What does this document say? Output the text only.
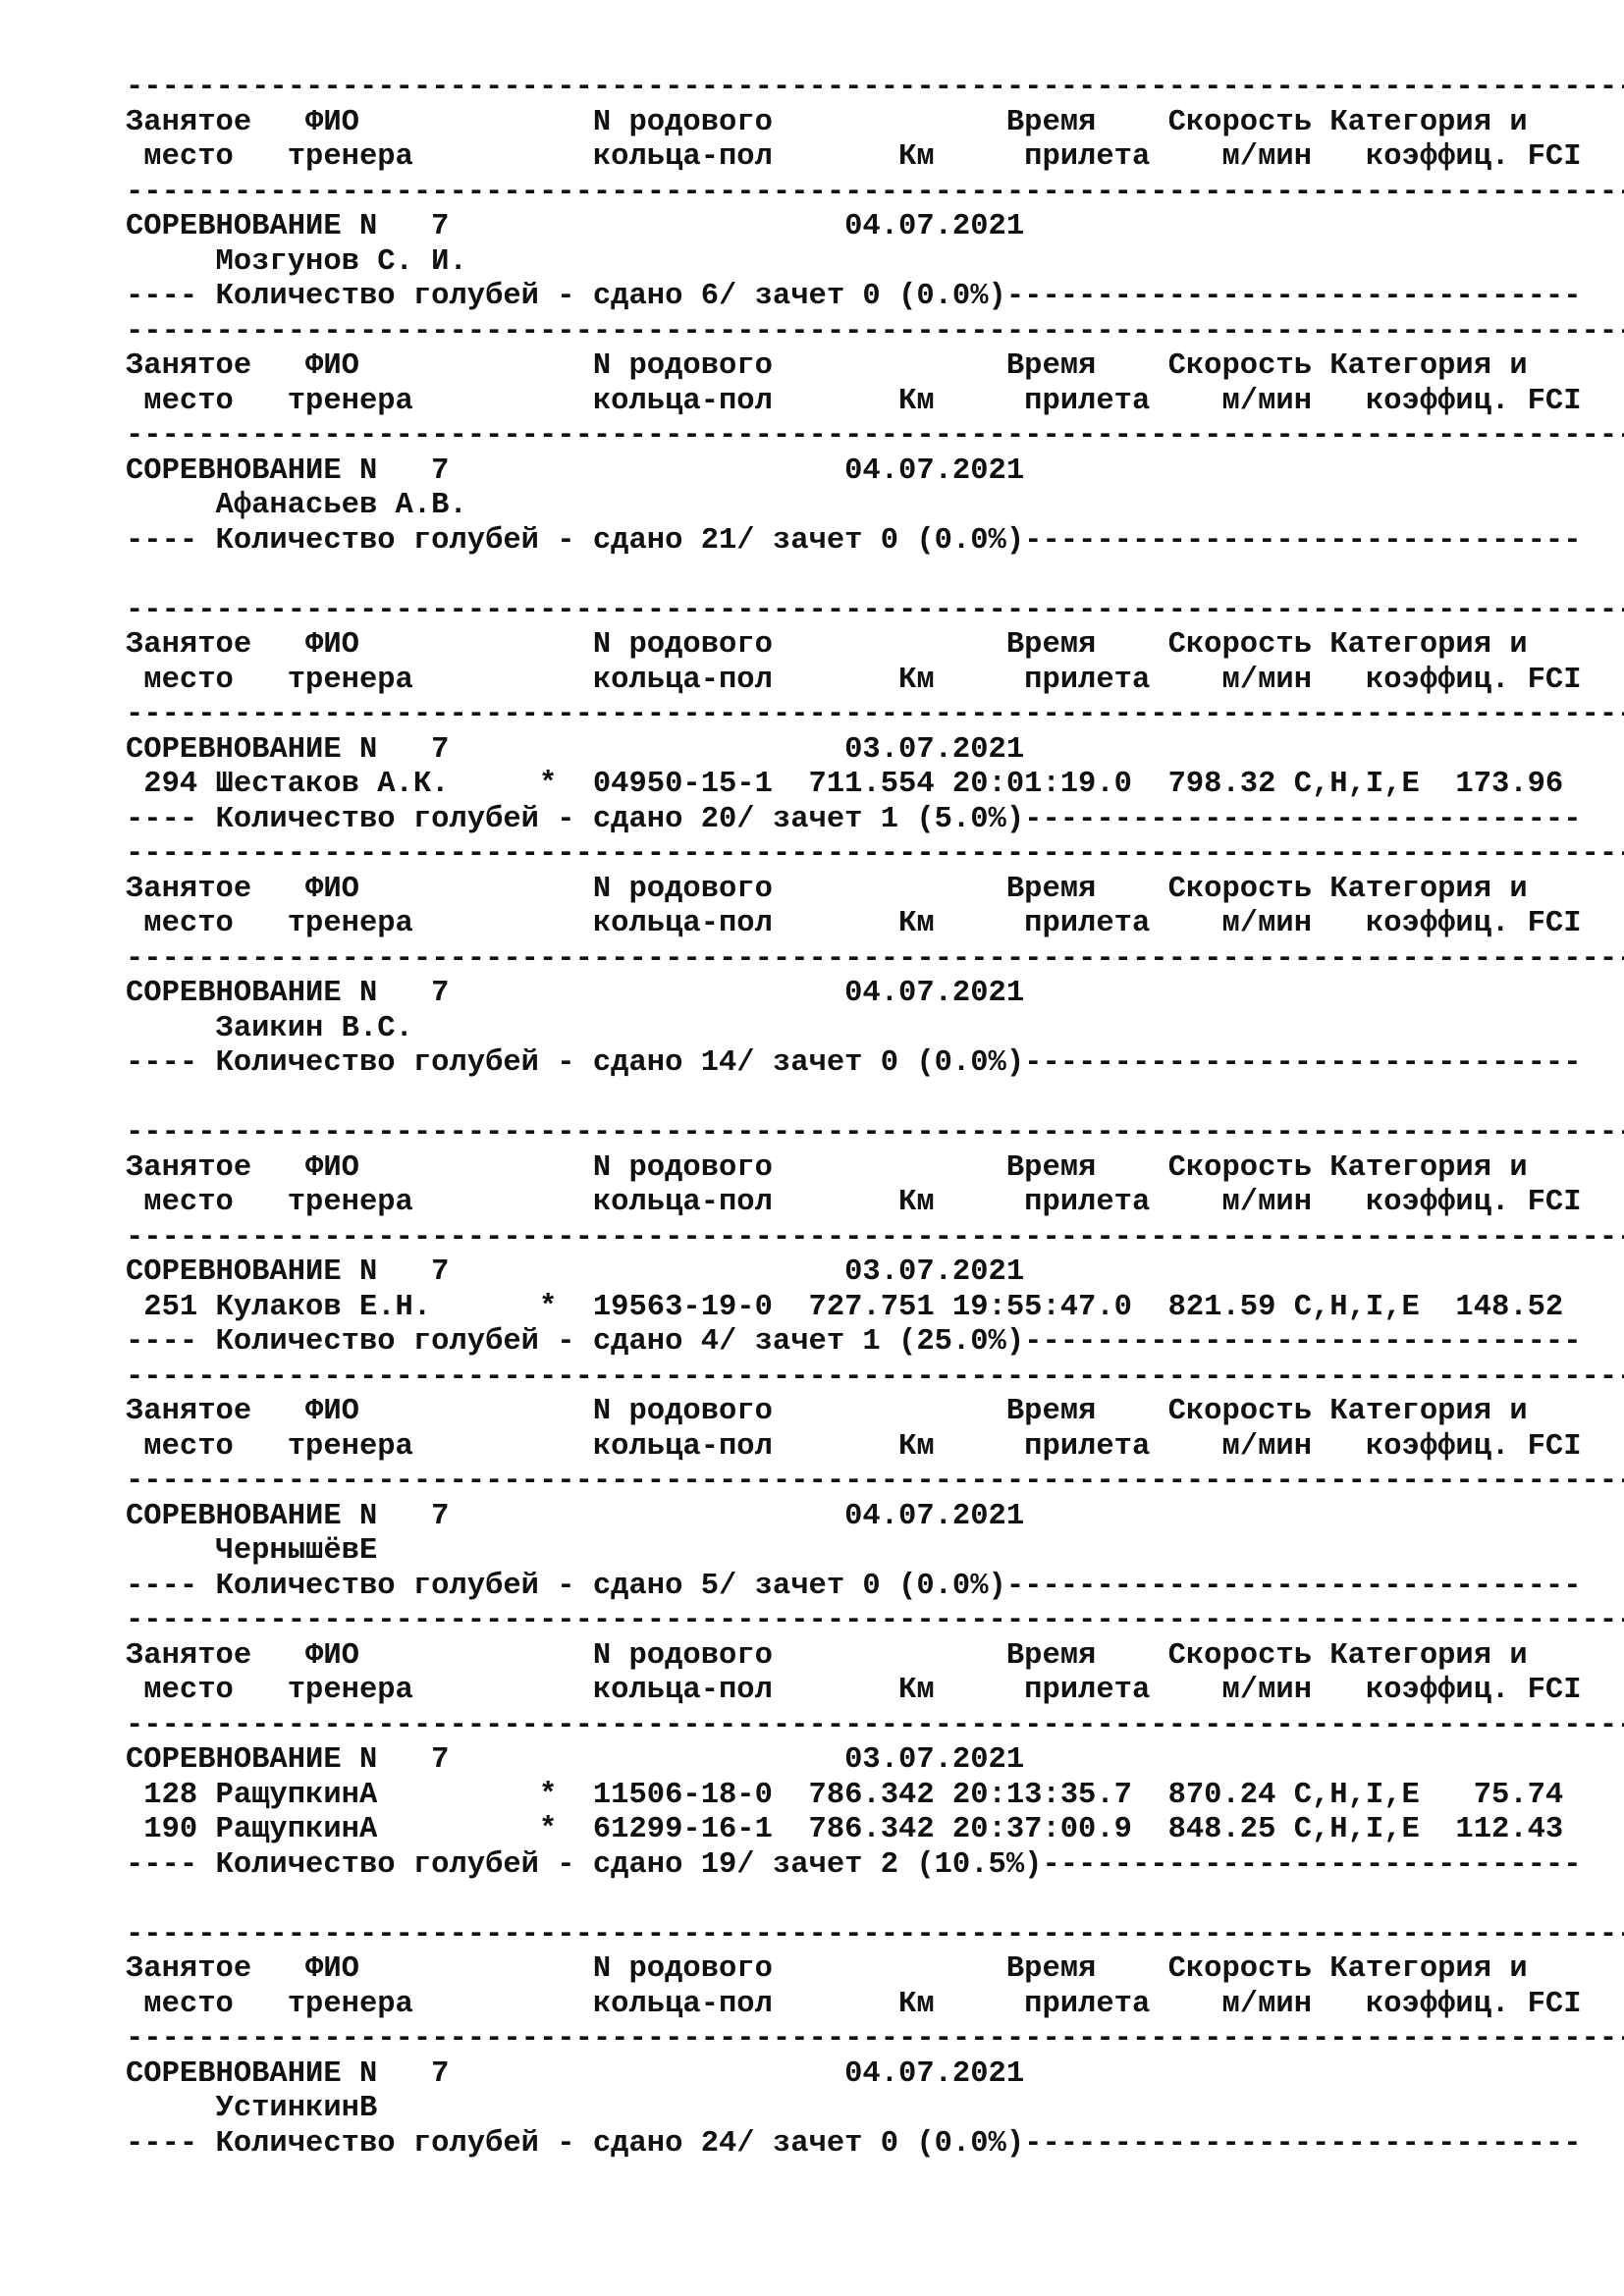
-----
Занятое   ФИО             N родового             Время    Скорость Категория и
место   тренера          кольца-пол       Км     прилета    м/мин   коэффиц. FCI
-----
СОРЕВНОВАНИЕ N   7                      04.07.2021
Мозгунов С. И.
---- Количество голубей - сдано 6/ зачет 0 (0.0%)--------------------------------
-----
Занятое   ФИО             N родового             Время    Скорость Категория и
место   тренера          кольца-пол       Км     прилета    м/мин   коэффиц. FCI
-----
СОРЕВНОВАНИЕ N   7                      04.07.2021
Афанасьев А.В.
---- Количество голубей - сдано 21/ зачет 0 (0.0%)-------------------------------
-----
Занятое   ФИО             N родового             Время    Скорость Категория и
место   тренера          кольца-пол       Км     прилета    м/мин   коэффиц. FCI
-----
СОРЕВНОВАНИЕ N   7                      03.07.2021
294 Шестаков А.К.     *  04950-15-1  711.554 20:01:19.0  798.32 C,H,I,E  173.96
---- Количество голубей - сдано 20/ зачет 1 (5.0%)-------------------------------
-----
Занятое   ФИО             N родового             Время    Скорость Категория и
место   тренера          кольца-пол       Км     прилета    м/мин   коэффиц. FCI
-----
СОРЕВНОВАНИЕ N   7                      04.07.2021
Заикин В.С.
---- Количество голубей - сдано 14/ зачет 0 (0.0%)-------------------------------
-----
Занятое   ФИО             N родового             Время    Скорость Категория и
место   тренера          кольца-пол       Км     прилета    м/мин   коэффиц. FCI
-----
СОРЕВНОВАНИЕ N   7                      03.07.2021
251 Кулаков Е.Н.      *  19563-19-0  727.751 19:55:47.0  821.59 C,H,I,E  148.52
---- Количество голубей - сдано 4/ зачет 1 (25.0%)-------------------------------
-----
Занятое   ФИО             N родового             Время    Скорость Категория и
место   тренера          кольца-пол       Км     прилета    м/мин   коэффиц. FCI
-----
СОРЕВНОВАНИЕ N   7                      04.07.2021
ЧернышёвЕ
---- Количество голубей - сдано 5/ зачет 0 (0.0%)--------------------------------
-----
Занятое   ФИО             N родового             Время    Скорость Категория и
место   тренера          кольца-пол       Км     прилета    м/мин   коэффиц. FCI
-----
СОРЕВНОВАНИЕ N   7                      03.07.2021
128 РащупкинА         *  11506-18-0  786.342 20:13:35.7  870.24 C,H,I,E   75.74
190 РащупкинА         *  61299-16-1  786.342 20:37:00.9  848.25 C,H,I,E  112.43
---- Количество голубей - сдано 19/ зачет 2 (10.5%)------------------------------
-----
Занятое   ФИО             N родового             Время    Скорость Категория и
место   тренера          кольца-пол       Км     прилета    м/мин   коэффиц. FCI
-----
СОРЕВНОВАНИЕ N   7                      04.07.2021
УстинкинВ
---- Количество голубей - сдано 24/ зачет 0 (0.0%)-------------------------------
